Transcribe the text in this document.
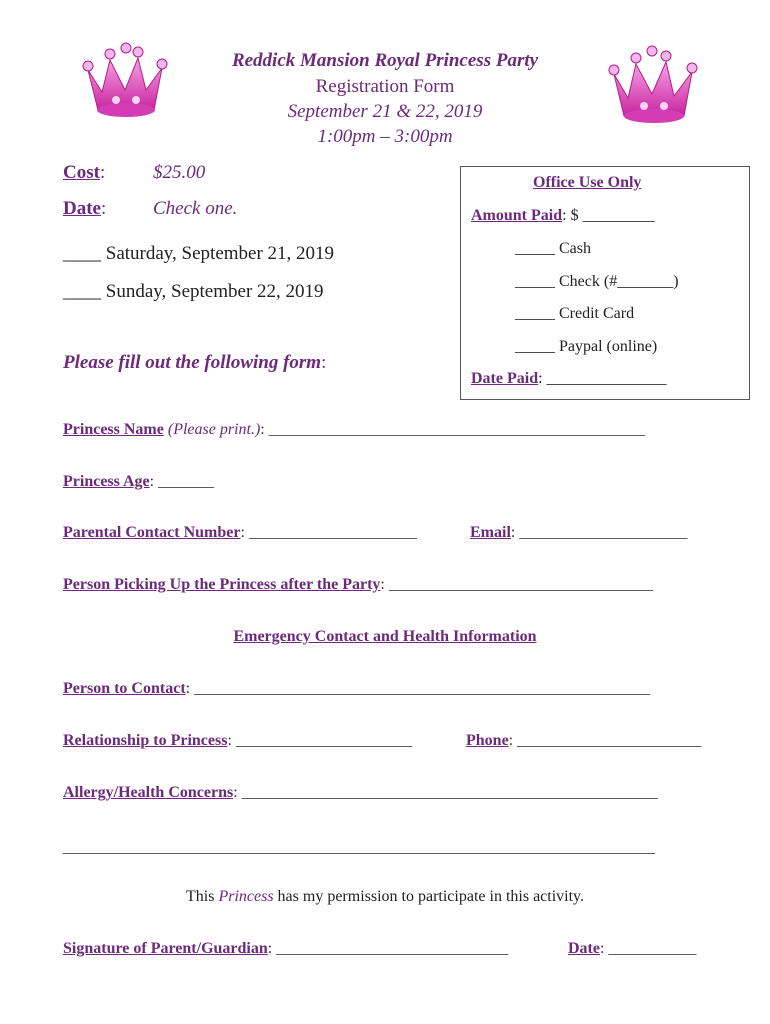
Reddick Mansion Royal Princess Party
Registration Form
September 21 & 22, 2019
1:00pm – 3:00pm
Cost:	$25.00
Date: Check one.
____ Saturday, September 21, 2019
____ Sunday, September 22, 2019
Please fill out the following form:
Office Use Only
Amount Paid: $ _________
_____ Cash
_____ Check (#_______)
_____ Credit Card
_____ Paypal (online)
Date Paid: _______________
Princess Name (Please print.): _______________________________________________
Princess Age: _______
Parental Contact Number: _____________________	Email: _____________________
Person Picking Up the Princess after the Party: _________________________________
Emergency Contact and Health Information
Person to Contact: _________________________________________________________
Relationship to Princess: ______________________	Phone: _______________________
Allergy/Health Concerns: ____________________________________________________
__________________________________________________________________________
This Princess has my permission to participate in this activity.
Signature of Parent/Guardian: _____________________________	Date: ___________
